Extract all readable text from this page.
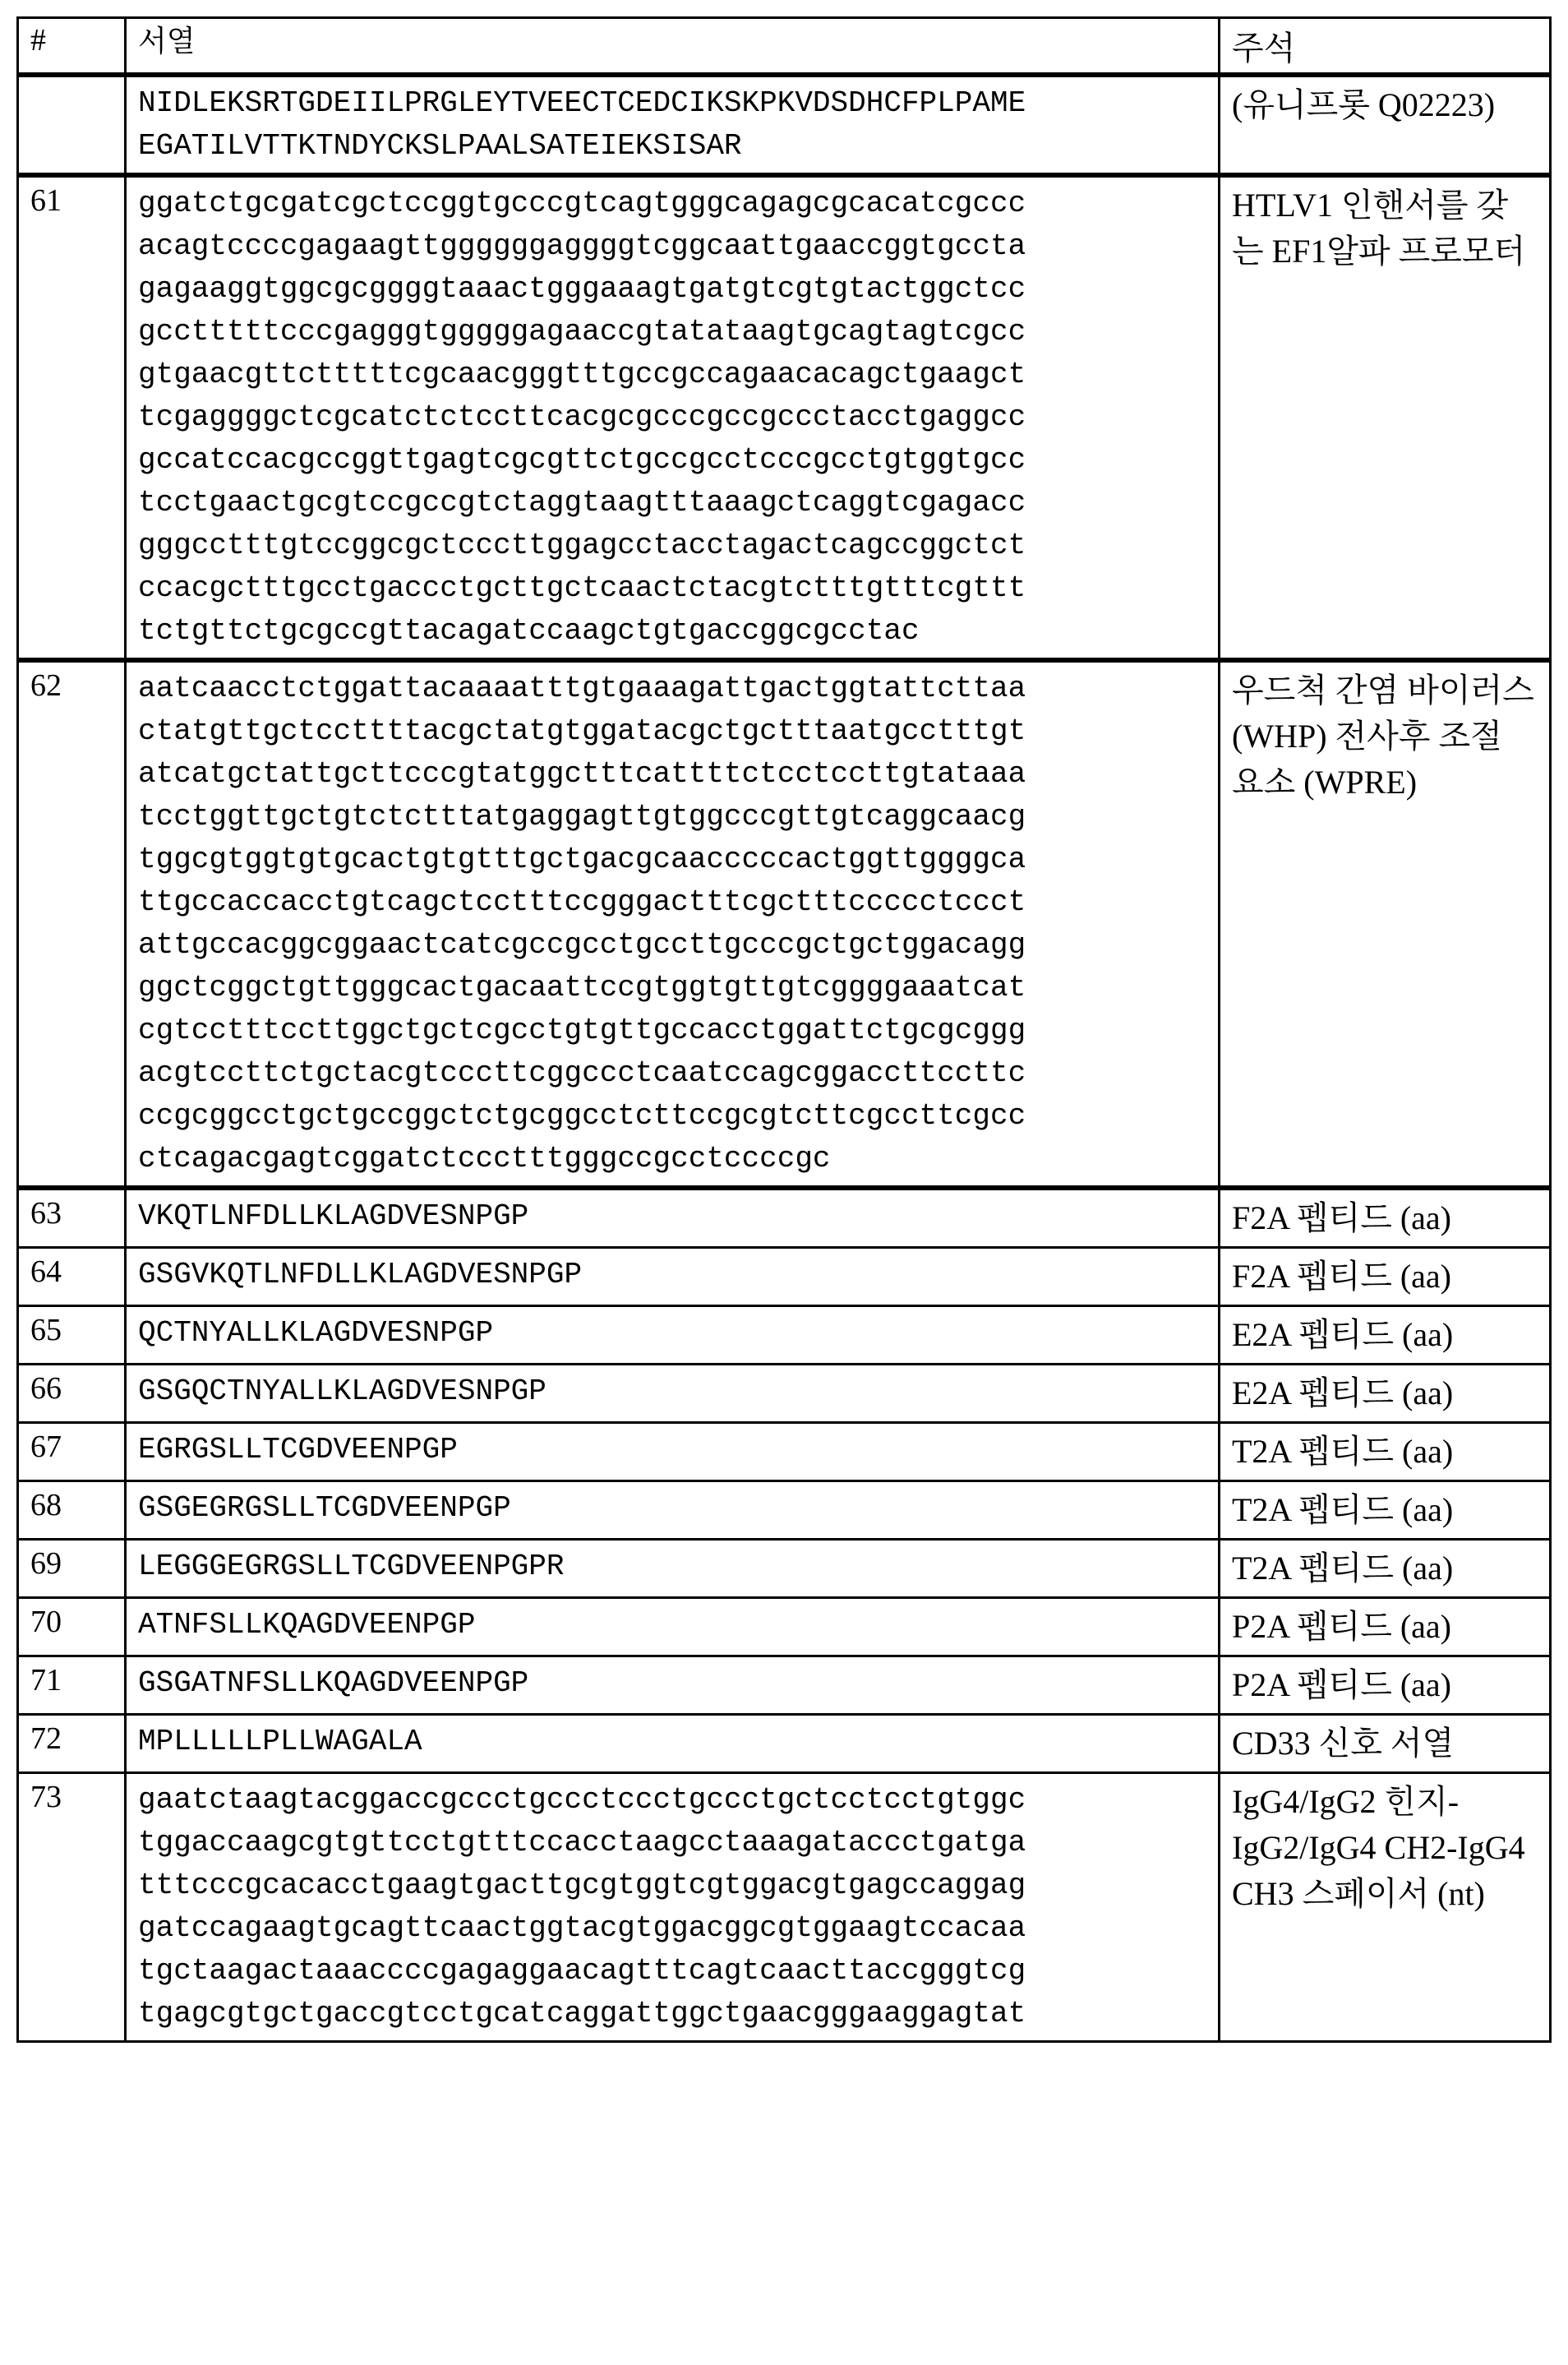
#	서열	주석
	NIDLEKSRTGDEIILPRGLEYTVEECTCEDCIKSKPKVDSDHCFPLPAME
EGATILVTTKTNDYCKSLPAALSATEIEKSISAR	(유니프롯 Q02223)
61	ggatctgcgatcgctccggtgcccgtcagtgggcagagcgcacatcgccc
acagtccccgagaagttggggggaggggtcggcaattgaaccggtgccta
gagaaggtggcgcggggtaaactgggaaagtgatgtcgtgtactggctcc
gcctttttcccgagggtgggggagaaccgtatataagtgcagtagtcgcc
gtgaacgttctttttcgcaacgggtttgccgccagaacacagctgaagct
tcgaggggctcgcatctctccttcacgcgcccgccgccctacctgaggcc
gccatccacgccggttgagtcgcgttctgccgcctcccgcctgtggtgcc
tcctgaactgcgtccgccgtctaggtaagtttaaagctcaggtcgagacc
gggcctttgtccggcgctcccttggagcctacctagactcagccggctct
ccacgctttgcctgaccctgcttgctcaactctacgtctttgtttcgttt
tctgttctgcgccgttacagatccaagctgtgaccggcgcctac	HTLV1 인핸서를 갖는 EF1알파 프로모터
62	aatcaacctctggattacaaaatttgtgaaagattgactggtattcttaa
ctatgttgctccttttacgctatgtggatacgctgctttaatgcctttgt
atcatgctattgcttcccgtatggctttcattttctcctccttgtataaa
tcctggttgctgtctctttatgaggagttgtggcccgttgtcaggcaacg
tggcgtggtgtgcactgtgtttgctgacgcaacccccactggttggggca
ttgccaccacctgtcagctcctttccgggactttcgctttccccctccct
attgccacggcggaactcatcgccgcctgccttgcccgctgctggacagg
ggctcggctgttgggcactgacaattccgtggtgttgtcggggaaatcat
cgtcctttccttggctgctcgcctgtgttgccacctggattctgcgcggg
acgtccttctgctacgtcccttcggccctcaatccagcggaccttccttc
ccgcggcctgctgccggctctgcggcctcttccgcgtcttcgccttcgcc
ctcagacgagtcggatctccctttgggccgcctccccgc	우드척 간염 바이러스 (WHP) 전사후 조절 요소 (WPRE)
63	VKQTLNFDLLKLAGDVESNPGP	F2A 펩티드 (aa)
64	GSGVKQTLNFDLLKLAGDVESNPGP	F2A 펩티드 (aa)
65	QCTNYALLKLAGDVESNPGP	E2A 펩티드 (aa)
66	GSGQCTNYALLKLAGDVESNPGP	E2A 펩티드 (aa)
67	EGRGSLLTCGDVEENPGP	T2A 펩티드 (aa)
68	GSGEGRGSLLTCGDVEENPGP	T2A 펩티드 (aa)
69	LEGGGEGRGSLLTCGDVEENPGPR	T2A 펩티드 (aa)
70	ATNFSLLKQAGDVEENPGP	P2A 펩티드 (aa)
71	GSGATNFSLLKQAGDVEENPGP	P2A 펩티드 (aa)
72	MPLLLLLPLLWAGALA	CD33 신호 서열
73	gaatctaagtacggaccgccctgccctccctgccctgctcctcctgtggc
tggaccaagcgtgttcctgtttccacctaagcctaaagataccctgatga
tttcccgcacacctgaagtgacttgcgtggtcgtggacgtgagccaggag
gatccagaagtgcagttcaactggtacgtggacggcgtggaagtccacaa
tgctaagactaaaccccgagaggaacagtttcagtcaacttaccgggtcg
tgagcgtgctgaccgtcctgcatcaggattggctgaacgggaaggagtat	IgG4/IgG2 힌지-IgG2/IgG4 CH2-IgG4 CH3 스페이서 (nt)
